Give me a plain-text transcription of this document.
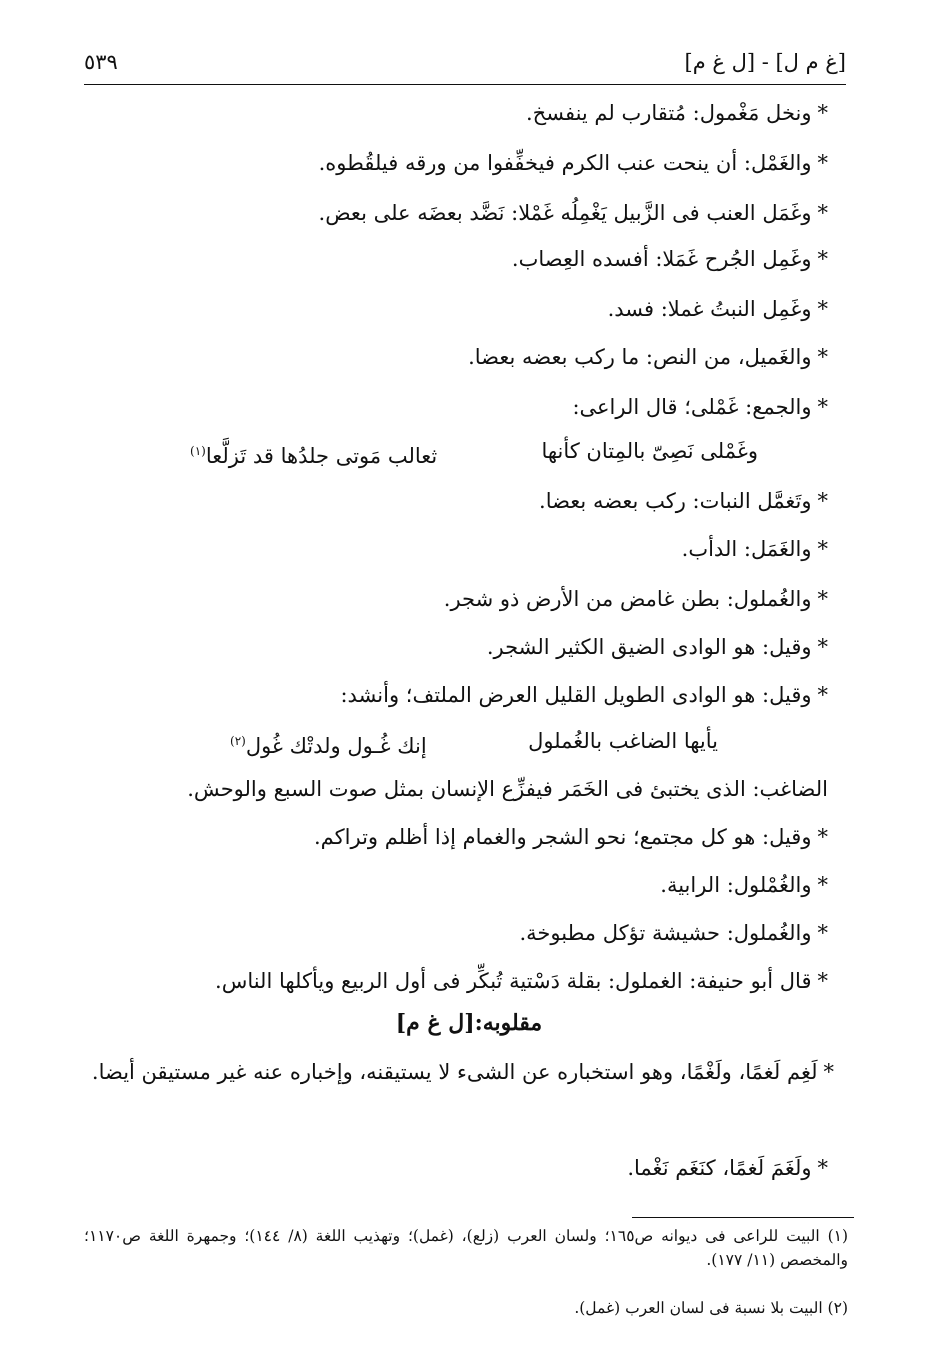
[غ م ل] - [ل غ م]
٥٣٩
*ونخل مَغْمول: مُتقارب لم ينفسخ.
*والغَمْل: أن ينحت عنب الكرم فيخفِّفوا من ورقه فيلقُطوه.
*وغَمَل العنب فى الزَّبيل يَغْمِلُه غَمْلا: نَضَّد بعضَه على بعض.
*وغَمِل الجُرح غَمَلا: أفسده العِصاب.
*وغَمِل النبتُ غملا: فسد.
*والغَميل، من النص: ما ركب بعضه بعضا.
*والجمع: غَمْلى؛ قال الراعى:
وغَمْلى نَصِىّ بالمِتان كأنها
ثعالب مَوتى جلدُها قد تَزلَّعا$^{(١)}$
*وتَغمَّل النبات: ركب بعضه بعضا.
*والغَمَل: الدأب.
*والغُملول: بطن غامض من الأرض ذو شجر.
*وقيل: هو الوادى الضيق الكثير الشجر.
*وقيل: هو الوادى الطويل القليل العرض الملتف؛ وأنشد:
يأيها الضاغب بالغُملول
إنك غُـول ولدتْك غُول$^{(٢)}$
الضاغب: الذى يختبئ فى الخَمَر فيفزِّع الإنسان بمثل صوت السبع والوحش.
*وقيل: هو كل مجتمع؛ نحو الشجر والغمام إذا أظلم وتراكم.
*والغُمْلول: الرابية.
*والغُملول: حشيشة تؤكل مطبوخة.
*قال أبو حنيفة: الغملول: بقلة دَسْتية تُبكِّر فى أول الربيع ويأكلها الناس.
مقلوبه:[ل غ م]
*لَغِم لَغمًا، ولَغْمًا، وهو استخباره عن الشىء لا يستيقنه، وإخباره عنه غير مستيقن أيضا.
*ولَغَمَ لَغمًا، كنَغَم نَغْما.
(١) البيت للراعى فى ديوانه ص١٦٥؛ ولسان العرب (زلع)، (غمل)؛ وتهذيب اللغة (٨/ ١٤٤)؛ وجمهرة اللغة ص١١٧٠؛ والمخصص (١١/ ١٧٧).
(٢) البيت بلا نسبة فى لسان العرب (غمل).
